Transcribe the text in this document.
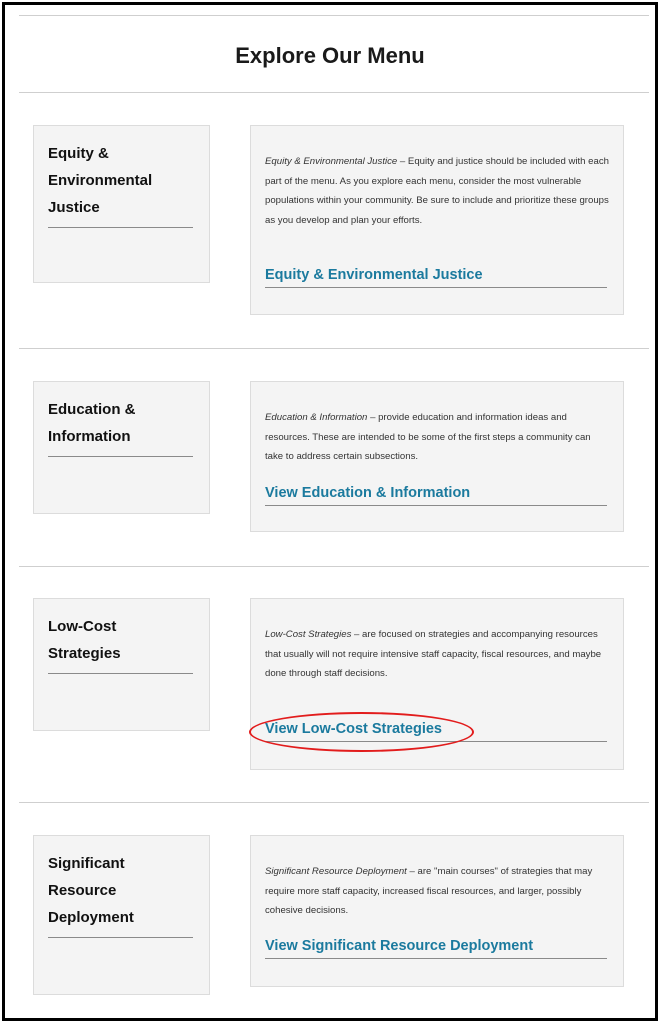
Explore Our Menu
Equity & Environmental Justice
Equity & Environmental Justice – Equity and justice should be included with each part of the menu. As you explore each menu, consider the most vulnerable populations within your community. Be sure to include and prioritize these groups as you develop and plan your efforts.
Equity & Environmental Justice
Education & Information
Education & Information – provide education and information ideas and resources. These are intended to be some of the first steps a community can take to address certain subsections.
View Education & Information
Low-Cost Strategies
Low-Cost Strategies – are focused on strategies and accompanying resources that usually will not require intensive staff capacity, fiscal resources, and maybe done through staff decisions.
View Low-Cost Strategies
Significant Resource Deployment
Significant Resource Deployment – are "main courses" of strategies that may require more staff capacity, increased fiscal resources, and larger, possibly cohesive decisions.
View Significant Resource Deployment
